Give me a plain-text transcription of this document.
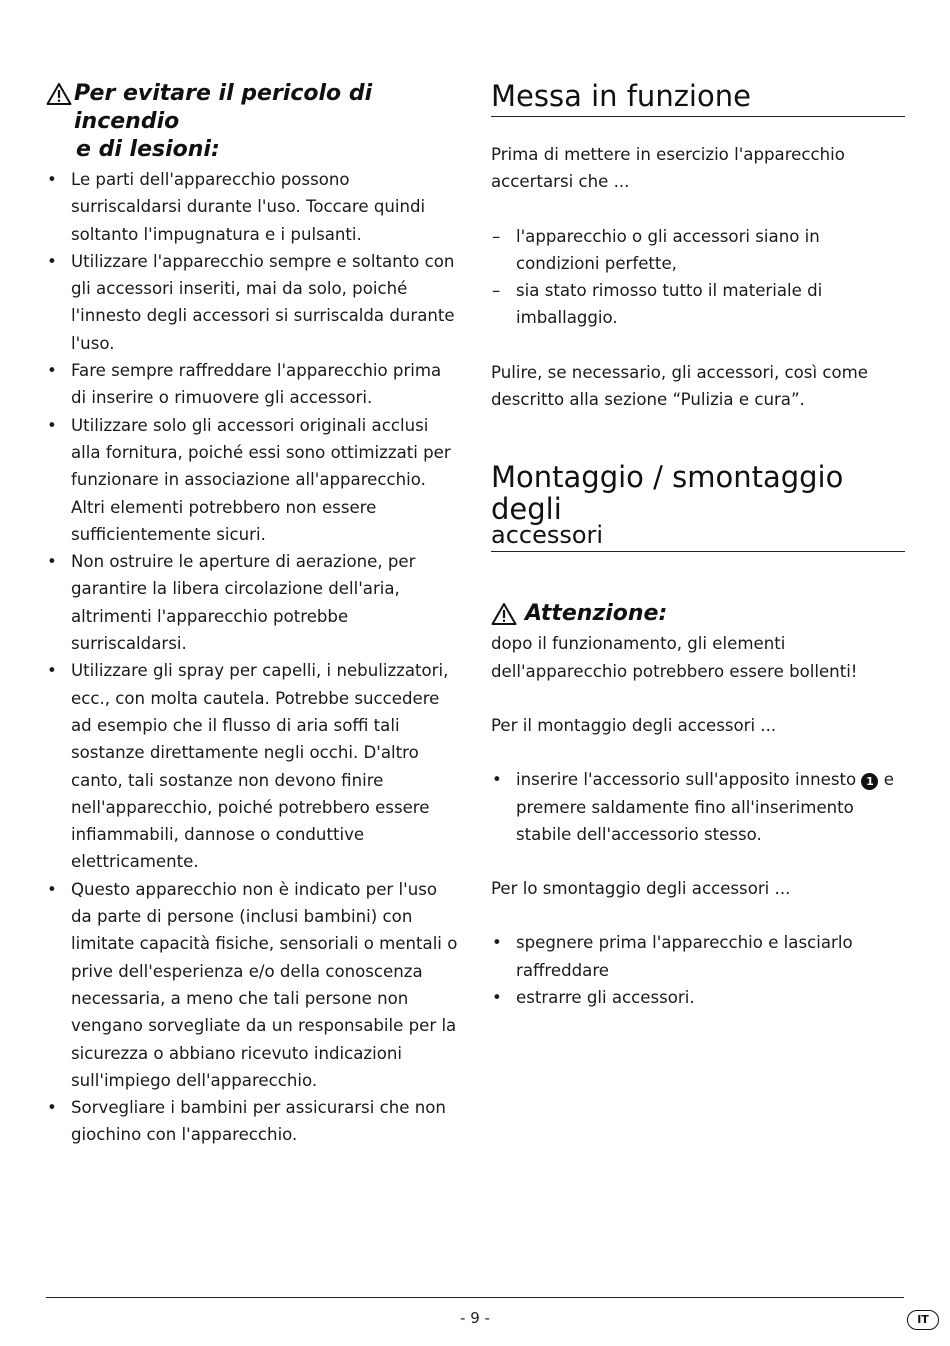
Per evitare il pericolo di incendio
e di lesioni:
• Le parti dell'apparecchio possono surriscaldarsi durante l'uso. Toccare quindi soltanto l'impugnatura e i pulsanti.
• Utilizzare l'apparecchio sempre e soltanto con gli accessori inseriti, mai da solo, poiché l'innesto degli accessori si surriscalda durante l'uso.
• Fare sempre raffreddare l'apparecchio prima di inserire o rimuovere gli accessori.
• Utilizzare solo gli accessori originali acclusi alla fornitura, poiché essi sono ottimizzati per funzionare in associazione all'apparecchio. Altri elementi potrebbero non essere sufficientemente sicuri.
• Non ostruire le aperture di aerazione, per garantire la libera circolazione dell'aria, altrimenti l'apparecchio potrebbe surriscaldarsi.
• Utilizzare gli spray per capelli, i nebulizzatori, ecc., con molta cautela. Potrebbe succedere ad esempio che il flusso di aria soffi tali sostanze direttamente negli occhi. D'altro canto, tali sostanze non devono finire nell'apparecchio, poiché potrebbero essere infiammabili, dannose o conduttive elettricamente.
• Questo apparecchio non è indicato per l'uso da parte di persone (inclusi bambini) con limitate capacità fisiche, sensoriali o mentali o prive dell'esperienza e/o della conoscenza necessaria, a meno che tali persone non vengano sorvegliate da un responsabile per la sicurezza o abbiano ricevuto indicazioni sull'impiego dell'apparecchio.
• Sorvegliare i bambini per assicurarsi che non giochino con l'apparecchio.
Messa in funzione

Prima di mettere in esercizio l'apparecchio accertarsi che ...

– l'apparecchio o gli accessori siano in condizioni perfette,
– sia stato rimosso tutto il materiale di imballaggio.

Pulire, se necessario, gli accessori, così come descritto alla sezione “Pulizia e cura”.

Montaggio / smontaggio degli
accessori
Attenzione:

dopo il funzionamento, gli elementi dell'apparecchio potrebbero essere bollenti!

Per il montaggio degli accessori ...

• inserire l'accessorio sull'apposito innesto 1 e premere saldamente fino all'inserimento stabile dell'accessorio stesso.

Per lo smontaggio degli accessori ...

• spegnere prima l'apparecchio e lasciarlo raffreddare
• estrarre gli accessori.
- 9 -	IT
